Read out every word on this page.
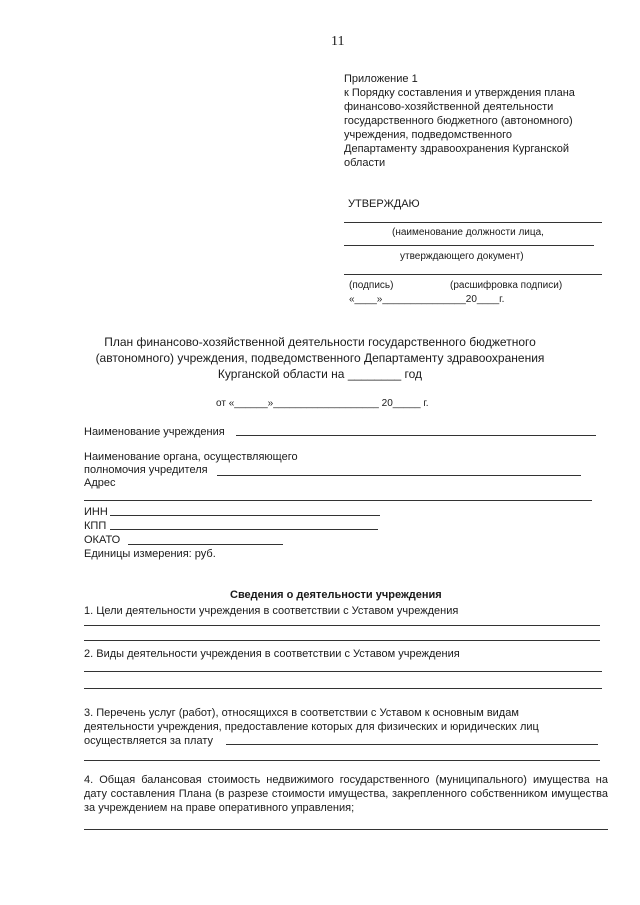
11
Приложение 1
к Порядку составления и утверждения плана
финансово-хозяйственной деятельности
государственного бюджетного (автономного)
учреждения, подведомственного
Департаменту здравоохранения Курганской
области
УТВЕРЖДАЮ
(наименование должности лица,
утверждающего документ)
(подпись)	(расшифровка подписи)
«____»_______________20____г.
План финансово-хозяйственной деятельности государственного бюджетного
(автономного) учреждения, подведомственного Департаменту здравоохранения
Курганской области на ________ год
от «______»___________________ 20_____ г.
Наименование учреждения
Наименование органа, осуществляющего
полномочия учредителя
Адрес
ИНН
КПП
ОКАТО
Единицы измерения: руб.
Сведения о деятельности учреждения
1. Цели деятельности учреждения в соответствии с Уставом учреждения
2. Виды деятельности учреждения в соответствии с Уставом учреждения
3. Перечень услуг (работ), относящихся в соответствии с Уставом к основным видам
деятельности учреждения, предоставление которых для физических и юридических лиц
осуществляется за плату
4. Общая балансовая стоимость недвижимого государственного (муниципального) имущества на дату составления Плана (в разрезе стоимости имущества, закрепленного собственником имущества за учреждением на праве оперативного управления;
